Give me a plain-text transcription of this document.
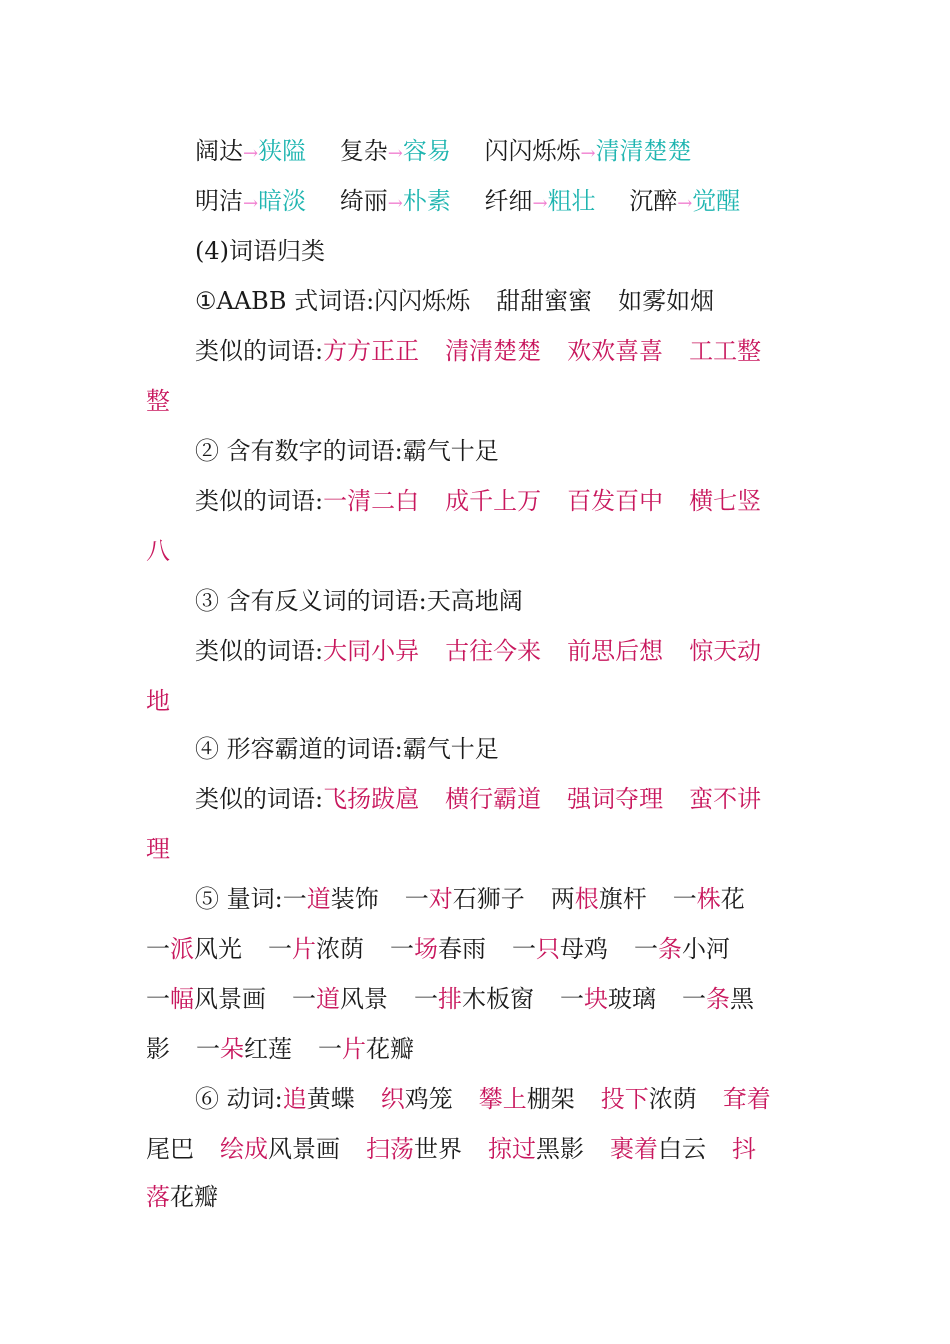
阔达→狭隘 复杂→容易 闪闪烁烁→清清楚楚
明洁→暗淡 绮丽→朴素 纤细→粗壮 沉醉→觉醒
(4)词语归类
①AABB 式词语:闪闪烁烁 甜甜蜜蜜 如雾如烟
类似的词语:方方正正 清清楚楚 欢欢喜喜 工工整
整
② 含有数字的词语:霸气十足
类似的词语:一清二白 成千上万 百发百中 横七竖
八
③ 含有反义词的词语:天高地阔
类似的词语:大同小异 古往今来 前思后想 惊天动
地
④ 形容霸道的词语:霸气十足
类似的词语:飞扬跋扈 横行霸道 强词夺理 蛮不讲
理
⑤ 量词:一道装饰 一对石狮子 两根旗杆 一株花
一派风光 一片浓荫 一场春雨 一只母鸡 一条小河
一幅风景画 一道风景 一排木板窗 一块玻璃 一条黑
影 一朵红莲 一片花瓣
⑥ 动词:追黄蝶 织鸡笼 攀上棚架 投下浓荫 耷着
尾巴 绘成风景画 扫荡世界 掠过黑影 裹着白云 抖
落花瓣
